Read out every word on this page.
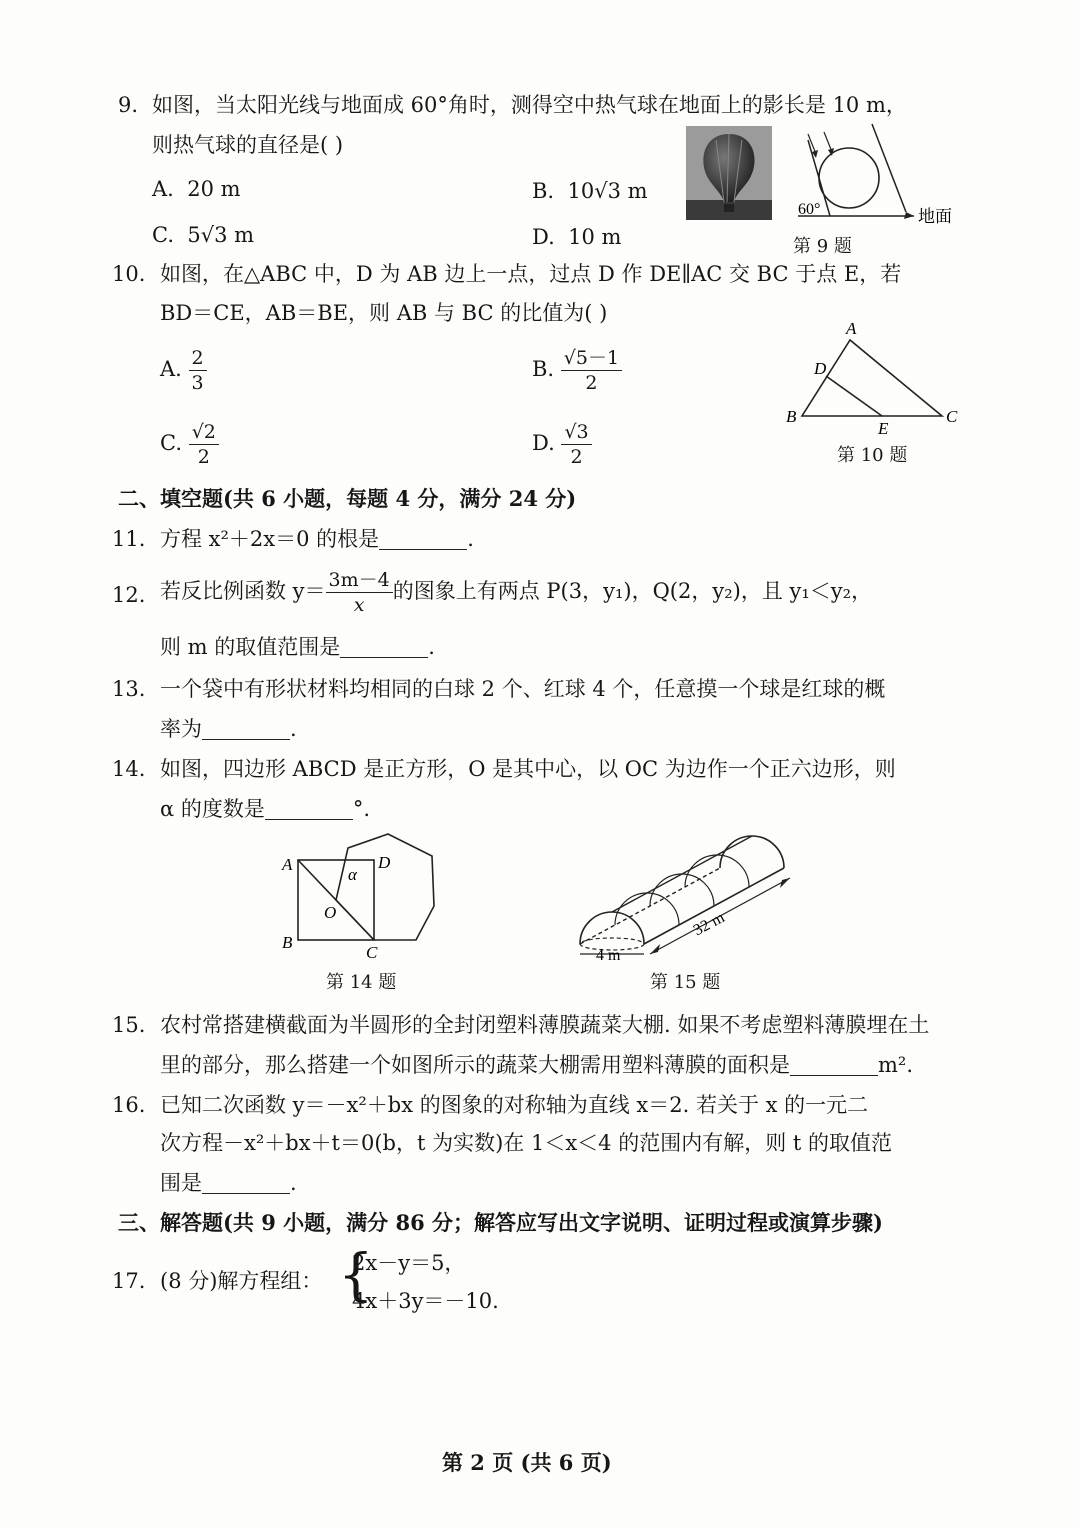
9. 如图，当太阳光线与地面成 60°角时，测得空中热气球在地面上的影长是 10 m，
则热气球的直径是( )
A. 20 m	B. 10√3 m
C. 5√3 m	D. 10 m
60°	地面
第 9 题
10. 如图，在△ABC 中，D 为 AB 边上一点，过点 D 作 DE∥AC 交 BC 于点 E，若
BD＝CE，AB＝BE，则 AB 与 BC 的比值为( )
A. $\frac{2}{3}$	B. $\frac{√5-1}{2}$
C. $\frac{√2}{2}$	D. $\frac{√3}{2}$
A
D
B
E
C
第 10 题
二、填空题(共 6 小题，每题 4 分，满分 24 分)
11. 方程 x²＋2x＝0 的根是	.
12. 若反比例函数 $y= \frac{3m-4}{x}$ 的图象上有两点 P(3，y₁)，Q(2，y₂)，且 y₁＜y₂，
则 m 的取值范围是	.
13. 一个袋中有形状材料均相同的白球 2 个、红球 4 个，任意摸一个球是红球的概
率为	.
14. 如图，四边形 ABCD 是正方形，O 是其中心，以 OC 为边作一个正六边形，则
α 的度数是	°.
A
B
C
D
O
α
第 14 题
32 m
4 m
第 15 题
15. 农村常搭建横截面为半圆形的全封闭塑料薄膜蔬菜大棚. 如果不考虑塑料薄膜埋在土
里的部分，那么搭建一个如图所示的蔬菜大棚需用塑料薄膜的面积是	m².
16. 已知二次函数 y＝－x²＋bx 的图象的对称轴为直线 x＝2. 若关于 x 的一元二
次方程－x²＋bx＋t＝0(b，t 为实数)在 1＜x＜4 的范围内有解，则 t 的取值范
围是	.
三、解答题(共 9 小题，满分 86 分；解答应写出文字说明、证明过程或演算步骤)
17. (8 分)解方程组： {
2x－y＝5，
4x＋3y＝－10.
第 2 页 (共 6 页)
